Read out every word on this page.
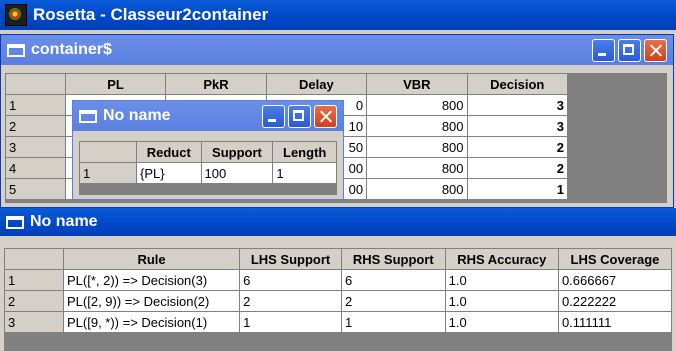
Rosetta - Classeur2container
container$
	PL	PkR	Delay	VBR	Decision
1			0	800	3
2			10	800	3
3			50	800	2
4			00	800	2
5			00	800	1
No name
	Reduct	Support	Length
1	{PL}	100	1
No name
	Rule	LHS Support	RHS Support	RHS Accuracy	LHS Coverage
1	PL([*, 2)) => Decision(3)	6	6	1.0	0.666667
2	PL([2, 9)) => Decision(2)	2	2	1.0	0.222222
3	PL([9, *)) => Decision(1)	1	1	1.0	0.111111
